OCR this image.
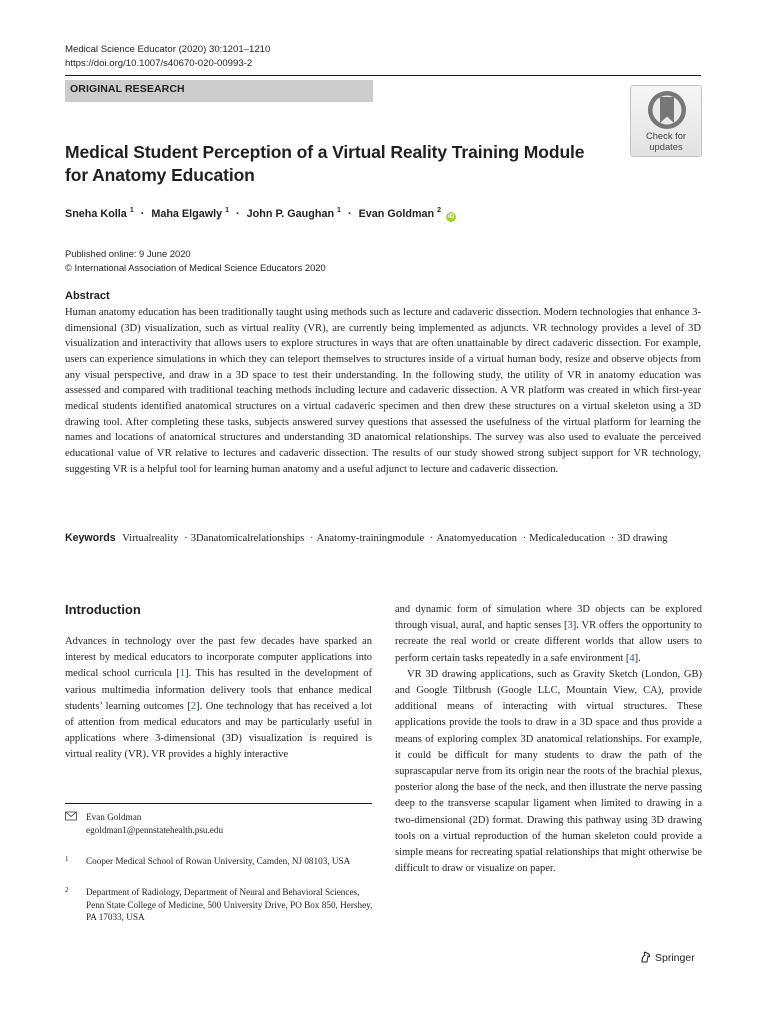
Medical Science Educator (2020) 30:1201–1210
https://doi.org/10.1007/s40670-020-00993-2
ORIGINAL RESEARCH
Check for
updates
Medical Student Perception of a Virtual Reality Training Module
for Anatomy Education
Sneha Kolla $^1$ · Maha Elgawly $^1$ · John P. Gaughan $^1$ · Evan Goldman $^2$ iD
Published online: 9 June 2020
© International Association of Medical Science Educators 2020
Abstract
Human anatomy education has been traditionally taught using methods such as lecture and cadaveric dissection. Modern technologies that enhance 3-dimensional (3D) visualization, such as virtual reality (VR), are currently being implemented as adjuncts. VR technology provides a level of 3D visualization and interactivity that allows users to explore structures in ways that are often unattainable by direct cadaveric dissection. For example, users can experience simulations in which they can teleport themselves to structures inside of a virtual human body, resize and observe objects from any visual perspective, and draw in a 3D space to test their understanding. In the following study, the utility of VR in anatomy education was assessed and compared with traditional teaching methods including lecture and cadaveric dissection. A VR platform was created in which first-year medical students identified anatomical structures on a virtual cadaveric specimen and then drew these structures on a virtual skeleton using a 3D drawing tool. After completing these tasks, subjects answered survey questions that assessed the usefulness of the virtual platform for learning the names and locations of anatomical structures and understanding 3D anatomical relationships. The survey was also used to evaluate the perceived educational value of VR relative to lectures and cadaveric dissection. The results of our study showed strong subject support for VR technology, suggesting VR is a helpful tool for learning human anatomy and a useful adjunct to lecture and cadaveric dissection.
Keywords Virtualreality · 3Danatomicalrelationships · Anatomy-trainingmodule · Anatomyeducation · Medicaleducation · 3D drawing
Introduction

Advances in technology over the past few decades have sparked an interest by medical educators to incorporate computer applications into medical school curricula [1]. This has resulted in the development of various multimedia information delivery tools that enhance medical students’ learning outcomes [2]. One technology that has received a lot of attention from medical educators and may be particularly useful in applications where 3-dimensional (3D) visualization is required is virtual reality (VR). VR provides a highly interactive

and dynamic form of simulation where 3D objects can be explored through visual, aural, and haptic senses [3]. VR offers the opportunity to recreate the real world or create different worlds that allow users to perform certain tasks repeatedly in a safe environment [4].

VR 3D drawing applications, such as Gravity Sketch (London, GB) and Google Tiltbrush (Google LLC, Mountain View, CA), provide additional means of interacting with virtual structures. These applications provide the tools to draw in a 3D space and thus provide a means of exploring complex 3D anatomical relationships. For example, it could be difficult for many students to draw the path of the suprascapular nerve from its origin near the roots of the brachial plexus, posterior along the base of the neck, and then illustrate the nerve passing deep to the transverse scapular ligament when limited to drawing in a two-dimensional (2D) format. Drawing this pathway using 3D drawing tools on a virtual reproduction of the human skeleton could provide a simple means for recreating spatial relationships that might otherwise be difficult to draw or visualize on paper.

Evan Goldman
egoldman1@pennstatehealth.psu.edu
1 Cooper Medical School of Rowan University, Camden, NJ 08103, USA
2 Department of Radiology, Department of Neural and Behavioral Sciences, Penn State College of Medicine, 500 University Drive, PO Box 850, Hershey, PA 17033, USA
Springer
